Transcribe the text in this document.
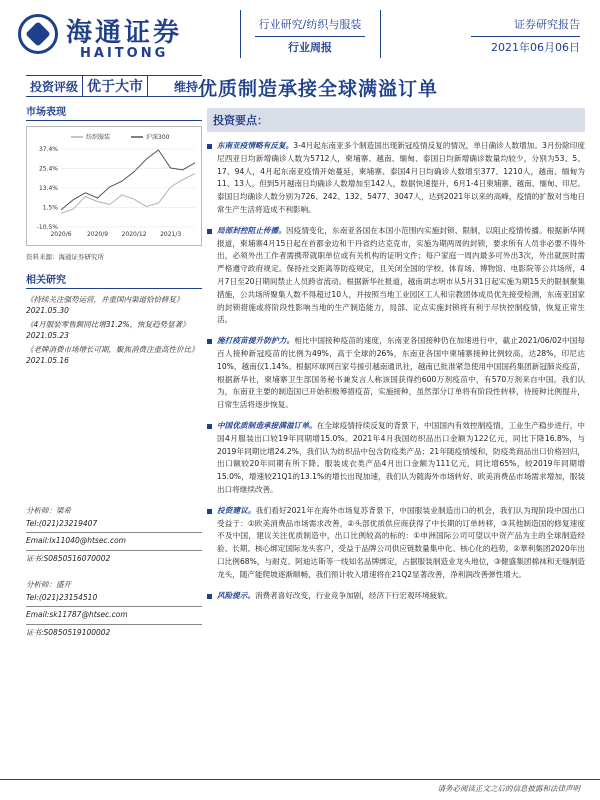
海通证券
HAITONG
行业研究/纺织与服装
行业周报
证券研究报告
2021年06月06日
投资评级 优于大市	维持 优质制造承接全球满溢订单
市场表现
37.4%
25.4%
13.4%
1.5%
-10.5%
2020/6	2020/9 2020/12 2021/3
纺织服装	沪深300
资料来源：海通证券研究所
相关研究
《持续关注强势运营，并重国内渠道恰恰修复》2021.05.30
《4月服装零售额同比增31.2%，恢复趋势显著》2021.05.23
《老牌消费市场增长可期，聚焦消费注重高性价比》2021.05.16
分析师：梁希
Tel:(021)23219407
Email:lx11040@htsec.com
证书:S0850516070002
分析师：盛开
Tel:(021)23154510
Email:sk11787@htsec.com
证书:S0850519100002
投资要点：
东南亚疫情略有反复。3-4月起东南亚多个制造国出现新冠疫情反复的情况，单日确诊人数增加。3月份除印度尼西亚日均新增确诊人数为5712人，柬埔寨、越南、缅甸、泰国日均新增确诊数量均较少，分别为53、5、17、94人，4月起东南亚疫情开始蔓延，柬埔寨、泰国4月日均确诊人数增至377、1210人，越南、缅甸为11、13人，但到5月越南日均确诊人数增加至142人，数据快速提升，6月1-4日柬埔寨、越南、缅甸、印尼、泰国日均确诊人数分别为726、242、132、5477、3047人，达到2021年以来的高峰，疫情的扩散对当地日常生产生活将造成不利影响。
局部封控阻止传播。因疫情变化，东南亚各国在本国小范围内实施封锁、限制，以阻止疫情传播。根据新华网报道，柬埔寨4月15日起在首都金边和干丹省约达克克市，实施为期两周的封锁，要求所有人员非必要不得外出，必须外出工作者需携带就职单位或有关机构的证明文件；每户家庭一周内最多可外出3次，外出就医时需严格遵守政府规定。保持社交距离等防疫规定，且关闭全国的学校、体育场、博物馆、电影院等公共场所，4月7日至20日期间禁止人员跨省流动。根据新华社报道，越南胡志明市从5月31日起实施为期15天的限制聚集措施，公共场所聚集人数不得超过10人，并按照当地工业园区工人和宗教团体成员优先接受检测，东南亚国家的封锁措施或将阶段性影响当地的生产制造能力，局部、定点实施封锁将有利于尽快控制疫情，恢复正常生活。
施打疫苗提升防护力。相比中国接种疫苗的速度，东南亚各国接种仍在加速进行中，截止2021/06/02中国每百人接种新冠疫苗的比例为49%，高于全球的26%，东南亚各国中柬埔寨接种比例较高，达28%，印尼达10%，越南仅1.14%。根据环球网百家号援引越南通讯社，越南已批准紧急使用中国国药集团新冠肺炎疫苗，根据新华社，柬埔寨卫生部国务秘书兼发言人称该国获得约600万剂疫苗中，有570万剂来自中国。我们认为，东南亚主要的制造国已开始积极筹措疫苗，实施接种，虽然部分订单将有阶段性转移，待接种比例提升，日常生活将逐步恢复。
中国优质制造承接满溢订单。在全球疫情持续反复的背景下，中国国内有效控制疫情，工业生产稳步进行，中国4月服装出口较19年同期增15.0%。2021年4月我国纺织品出口金额为122亿元，同比下降16.8%，与2019年同期比增24.2%，我们认为纺织品中包含防疫类产品；21年随疫情缓和，防疫类商品出口价格回归，出口额较20年同期有所下降。服装成衣类产品4月出口金额为111亿元，同比增65%，较2019年同期增15.0%，增速较21Q1的13.1%的增长出现加速，我们认为随海外市场转好、欧美消费品市场需求增加，服装出口将继续改善。
投资建议。我们看好2021年在海外市场复苏背景下，中国服装业制造出口的机会，我们认为现阶段中国出口受益于：①欧美消费品市场需求改善，②头部优质供应商获得了中长期的订单转移，③其他制造国的修复速度不及中国，建议关注优质制造中，出口比例较高的标的：①申洲国际公司可望以中资产品为主的全球制造经验、长期、核心绑定国际龙头客户，受益于品牌公司供应链数量集中化、核心化的趋势，②華利集团2020年出口比例68%，与耐克、阿迪达斯等一线知名品牌绑定，占据服装制造业龙头地位，③健盛集团棉袜和无缝制造龙头，随产能爬坡逐渐顺畅，我们预计收入增速将在21Q2显著改善，净利润改善弹性增大。
风险提示。消费者喜好改变，行业竞争加剧，经济下行宏观环境疲软。
请务必阅读正文之后的信息披露和法律声明
